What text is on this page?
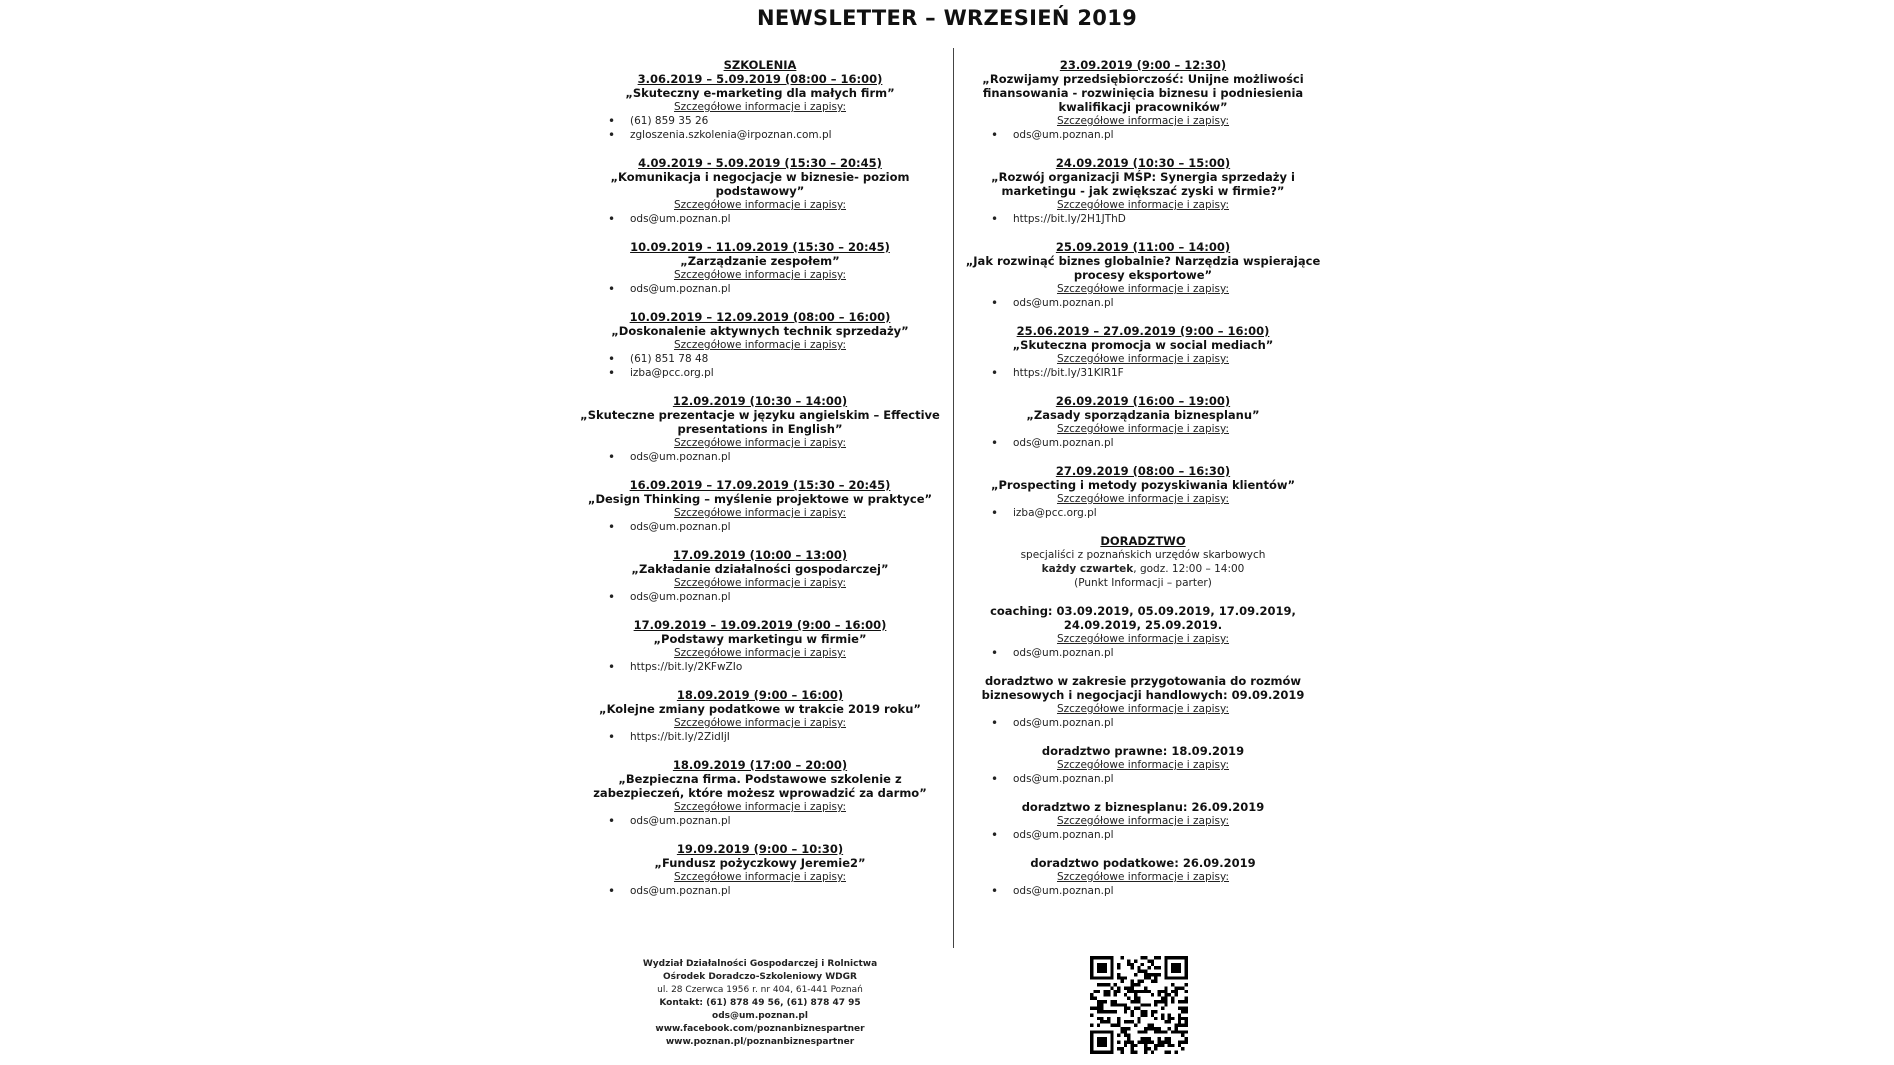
NEWSLETTER – WRZESIEŃ 2019
SZKOLENIA
3.06.2019 – 5.09.2019 (08:00 – 16:00)
„Skuteczny e-marketing dla małych firm”
Szczegółowe informacje i zapisy:
• (61) 859 35 26
• zgloszenia.szkolenia@irpoznan.com.pl
4.09.2019 - 5.09.2019 (15:30 – 20:45)
„Komunikacja i negocjacje w biznesie- poziom podstawowy”
Szczegółowe informacje i zapisy:
• ods@um.poznan.pl
10.09.2019 - 11.09.2019 (15:30 – 20:45)
„Zarządzanie zespołem”
Szczegółowe informacje i zapisy:
• ods@um.poznan.pl
10.09.2019 – 12.09.2019 (08:00 – 16:00)
„Doskonalenie aktywnych technik sprzedaży”
Szczegółowe informacje i zapisy:
• (61) 851 78 48
• izba@pcc.org.pl
12.09.2019 (10:30 – 14:00)
„Skuteczne prezentacje w języku angielskim – Effective presentations in English”
Szczegółowe informacje i zapisy:
• ods@um.poznan.pl
16.09.2019 – 17.09.2019 (15:30 – 20:45)
„Design Thinking – myślenie projektowe w praktyce”
Szczegółowe informacje i zapisy:
• ods@um.poznan.pl
17.09.2019 (10:00 – 13:00)
„Zakładanie działalności gospodarczej”
Szczegółowe informacje i zapisy:
• ods@um.poznan.pl
17.09.2019 – 19.09.2019 (9:00 – 16:00)
„Podstawy marketingu w firmie”
Szczegółowe informacje i zapisy:
• https://bit.ly/2KFwZIo
18.09.2019 (9:00 – 16:00)
„Kolejne zmiany podatkowe w trakcie 2019 roku”
Szczegółowe informacje i zapisy:
• https://bit.ly/2ZidIjI
18.09.2019 (17:00 – 20:00)
„Bezpieczna firma. Podstawowe szkolenie z zabezpieczeń, które możesz wprowadzić za darmo”
Szczegółowe informacje i zapisy:
• ods@um.poznan.pl
19.09.2019 (9:00 – 10:30)
„Fundusz pożyczkowy Jeremie2”
Szczegółowe informacje i zapisy:
• ods@um.poznan.pl
23.09.2019 (9:00 – 12:30)
„Rozwijamy przedsiębiorczość: Unijne możliwości finansowania - rozwinięcia biznesu i podniesienia kwalifikacji pracowników”
Szczegółowe informacje i zapisy:
• ods@um.poznan.pl
24.09.2019 (10:30 – 15:00)
„Rozwój organizacji MŚP: Synergia sprzedaży i marketingu - jak zwiększać zyski w firmie?”
Szczegółowe informacje i zapisy:
• https://bit.ly/2H1JThD
25.09.2019 (11:00 – 14:00)
„Jak rozwinąć biznes globalnie? Narzędzia wspierające procesy eksportowe”
Szczegółowe informacje i zapisy:
• ods@um.poznan.pl
25.06.2019 – 27.09.2019 (9:00 – 16:00)
„Skuteczna promocja w social mediach”
Szczegółowe informacje i zapisy:
• https://bit.ly/31KIR1F
26.09.2019 (16:00 – 19:00)
„Zasady sporządzania biznesplanu”
Szczegółowe informacje i zapisy:
• ods@um.poznan.pl
27.09.2019 (08:00 – 16:30)
„Prospecting i metody pozyskiwania klientów”
Szczegółowe informacje i zapisy:
• izba@pcc.org.pl
DORADZTWO
specjaliści z poznańskich urzędów skarbowych
każdy czwartek, godz. 12:00 – 14:00
(Punkt Informacji – parter)
coaching: 03.09.2019, 05.09.2019, 17.09.2019, 24.09.2019, 25.09.2019.
Szczegółowe informacje i zapisy:
• ods@um.poznan.pl
doradztwo w zakresie przygotowania do rozmów biznesowych i negocjacji handlowych: 09.09.2019
Szczegółowe informacje i zapisy:
• ods@um.poznan.pl
doradztwo prawne: 18.09.2019
Szczegółowe informacje i zapisy:
• ods@um.poznan.pl
doradztwo z biznesplanu: 26.09.2019
Szczegółowe informacje i zapisy:
• ods@um.poznan.pl
doradztwo podatkowe: 26.09.2019
Szczegółowe informacje i zapisy:
• ods@um.poznan.pl
Wydział Działalności Gospodarczej i Rolnictwa
Ośrodek Doradczo-Szkoleniowy WDGR
ul. 28 Czerwca 1956 r. nr 404, 61-441 Poznań
Kontakt: (61) 878 49 56, (61) 878 47 95
ods@um.poznan.pl
www.facebook.com/poznanbiznespartner
www.poznan.pl/poznanbiznespartner
